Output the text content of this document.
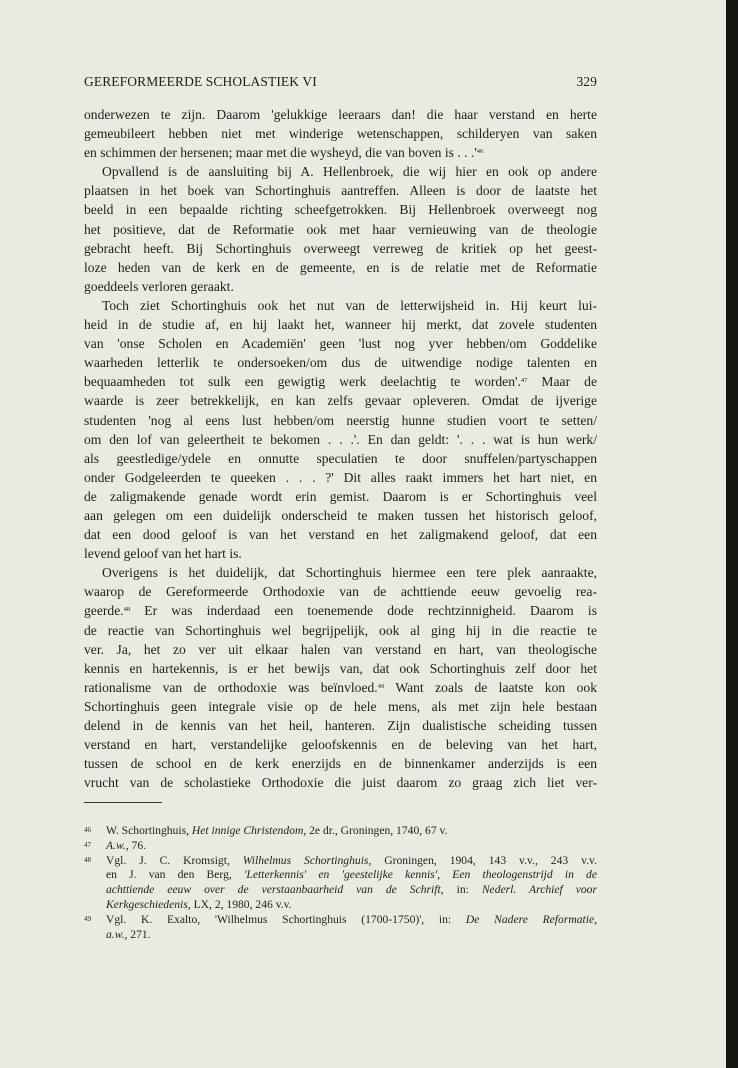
GEREFORMEERDE SCHOLASTIEK VI	329
onderwezen te zijn. Daarom 'gelukkige leeraars dan! die haar verstand en herte
gemeubileert hebben niet met winderige wetenschappen, schilderyen van saken
en schimmen der hersenen; maar met die wysheyd, die van boven is . . $.'^{46}$
Opvallend is de aansluiting bij A. Hellenbroek, die wij hier en ook op andere
plaatsen in het boek van Schortinghuis aantreffen. Alleen is door de laatste het
beeld in een bepaalde richting scheefgetrokken. Bij Hellenbroek overweegt nog
het positieve, dat de Reformatie ook met haar vernieuwing van de theologie
gebracht heeft. Bij Schortinghuis overweegt verreweg de kritiek op het geest-
loze heden van de kerk en de gemeente, en is de relatie met de Reformatie
goeddeels verloren geraakt.
Toch ziet Schortinghuis ook het nut van de letterwijsheid in. Hij keurt lui-
heid in de studie af, en hij laakt het, wanneer hij merkt, dat zovele studenten
van 'onse Scholen en Academiën' geen 'lust nog yver hebben/om Goddelike
waarheden letterlik te ondersoeken/om dus de uitwendige nodige talenten en
bequaamheden tot sulk een gewigtig werk deelachtig te worden'.$^{47}$ Maar de
waarde is zeer betrekkelijk, en kan zelfs gevaar opleveren. Omdat de ijverige
studenten 'nog al eens lust hebben/om neerstig hunne studien voort te setten/
om den lof van geleertheit te bekomen . . .'. En dan geldt: '. . . wat is hun werk/
als geestledige/ydele en onnutte speculatien te door snuffelen/partyschappen
onder Godgeleerden te queeken . . . ?' Dit alles raakt immers het hart niet, en
de zaligmakende genade wordt erin gemist. Daarom is er Schortinghuis veel
aan gelegen om een duidelijk onderscheid te maken tussen het historisch geloof,
dat een dood geloof is van het verstand en het zaligmakend geloof, dat een
levend geloof van het hart is.
Overigens is het duidelijk, dat Schortinghuis hiermee een tere plek aanraakte,
waarop de Gereformeerde Orthodoxie van de achttiende eeuw gevoelig rea-
geerde.$^{48}$ Er was inderdaad een toenemende dode rechtzinnigheid. Daarom is
de reactie van Schortinghuis wel begrijpelijk, ook al ging hij in die reactie te
ver. Ja, het zo ver uit elkaar halen van verstand en hart, van theologische
kennis en hartekennis, is er het bewijs van, dat ook Schortinghuis zelf door het
rationalisme van de orthodoxie was beïnvloed.$^{49}$ Want zoals de laatste kon ook
Schortinghuis geen integrale visie op de hele mens, als met zijn hele bestaan
delend in de kennis van het heil, hanteren. Zijn dualistische scheiding tussen
verstand en hart, verstandelijke geloofskennis en de beleving van het hart,
tussen de school en de kerk enerzijds en de binnenkamer anderzijds is een
vrucht van de scholastieke Orthodoxie die juist daarom zo graag zich liet ver-
46 W. Schortinghuis, Het innige Christendom, 2e dr., Groningen, 1740, 67 v.
47 A.w., 76.
48 Vgl. J. C. Kromsigt, Wilhelmus Schortinghuis, Groningen, 1904, 143 v.v., 243 v.v.
en J. van den Berg, 'Letterkennis' en 'geestelijke kennis', Een theologenstrijd in de
achttiende eeuw over de verstaanbaarheid van de Schrift, in: Nederl. Archief voor
Kerkgeschiedenis, LX, 2, 1980, 246 v.v.
49 Vgl. K. Exalto, 'Wilhelmus Schortinghuis (1700-1750)', in: De Nadere Reformatie,
a.w., 271.
